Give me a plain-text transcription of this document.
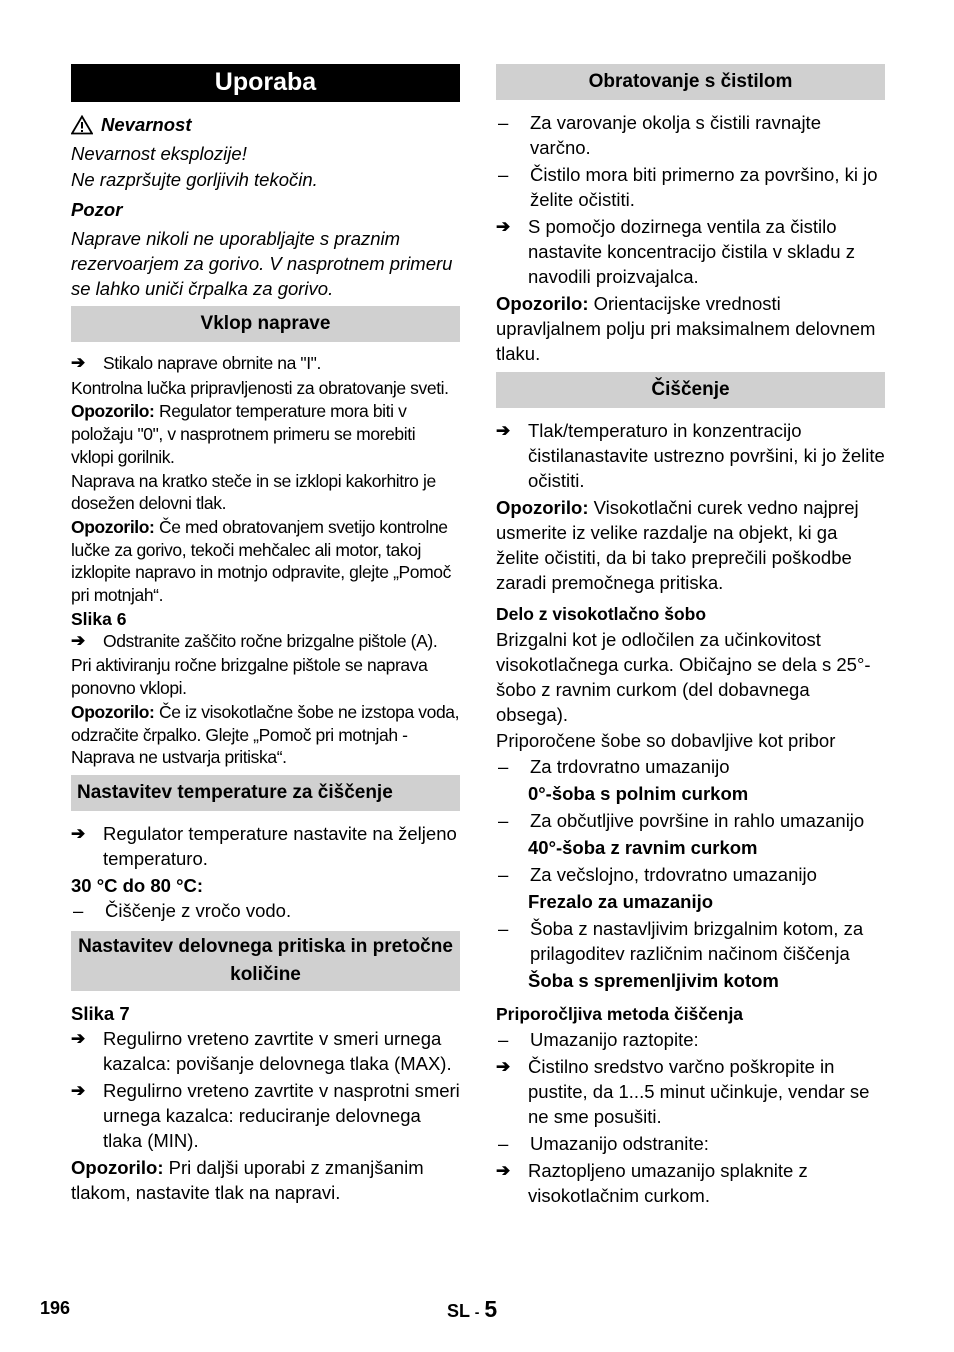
Uporaba
Nevarnost
Nevarnost eksplozije!
Ne razpršujte gorljivih tekočin.
Pozor
Naprave nikoli ne uporabljajte s praznim rezervoarjem za gorivo. V nasprotnem primeru se lahko uniči črpalka za gorivo.
Vklop naprave
➔	Stikalo naprave obrnite na "I".
Kontrolna lučka pripravljenosti za obratovanje sveti.
Opozorilo: Regulator temperature mora biti v položaju "0", v nasprotnem primeru se morebiti vklopi gorilnik.
Naprava na kratko steče in se izklopi kakorhitro je dosežen delovni tlak.
Opozorilo: Če med obratovanjem svetijo kontrolne lučke za gorivo, tekoči mehčalec ali motor, takoj izklopite napravo in motnjo odpravite, glejte „Pomoč pri motnjah“.
Slika 6
➔	Odstranite zaščito ročne brizgalne pištole (A).
Pri aktiviranju ročne brizgalne pištole se naprava ponovno vklopi.
Opozorilo: Če iz visokotlačne šobe ne izstopa voda, odzračite črpalko. Glejte „Pomoč pri motnjah - Naprava ne ustvarja pritiska“.
Nastavitev temperature za čiščenje
➔ Regulator temperature nastavite na željeno temperaturo.
30 °C do 80 °C:
–	Čiščenje z vročo vodo.
Nastavitev delovnega pritiska in pretočne količine
Slika 7
➔ Regulirno vreteno zavrtite v smeri urnega kazalca: povišanje delovnega tlaka (MAX).
➔ Regulirno vreteno zavrtite v nasprotni smeri urnega kazalca: reduciranje delovnega tlaka (MIN).
Opozorilo: Pri daljši uporabi z zmanjšanim tlakom, nastavite tlak na napravi.
Obratovanje s čistilom
–	Za varovanje okolja s čistili ravnajte varčno.
–	Čistilo mora biti primerno za površino, ki jo želite očistiti.
➔ S pomočjo dozirnega ventila za čistilo nastavite koncentracijo čistila v skladu z navodili proizvajalca.
Opozorilo: Orientacijske vrednosti upravljalnem polju pri maksimalnem delovnem tlaku.
Čiščenje
➔ Tlak/temperaturo in konzentracijo čistilanastavite ustrezno površini, ki jo želite očistiti.
Opozorilo: Visokotlačni curek vedno najprej usmerite iz velike razdalje na objekt, ki ga želite očistiti, da bi tako preprečili poškodbe zaradi premočnega pritiska.
Delo z visokotlačno šobo
Brizgalni kot je odločilen za učinkovitost visokotlačnega curka. Običajno se dela s 25°-šobo z ravnim curkom (del dobavnega obsega).
Priporočene šobe so dobavljive kot pribor
–	Za trdovratno umazanijo
0°-šoba s polnim curkom
–	Za občutljive površine in rahlo umazanijo
40°-šoba z ravnim curkom
–	Za večslojno, trdovratno umazanijo
Frezalo za umazanijo
–	Šoba z nastavljivim brizgalnim kotom, za prilagoditev različnim načinom čiščenja
Šoba s spremenljivim kotom
Priporočljiva metoda čiščenja
–	Umazanijo raztopite:
➔ Čistilno sredstvo varčno poškropite in pustite, da 1...5 minut učinkuje, vendar se ne sme posušiti.
–	Umazanijo odstranite:
➔ Raztopljeno umazanijo splaknite z visokotlačnim curkom.
196	SL - 5
